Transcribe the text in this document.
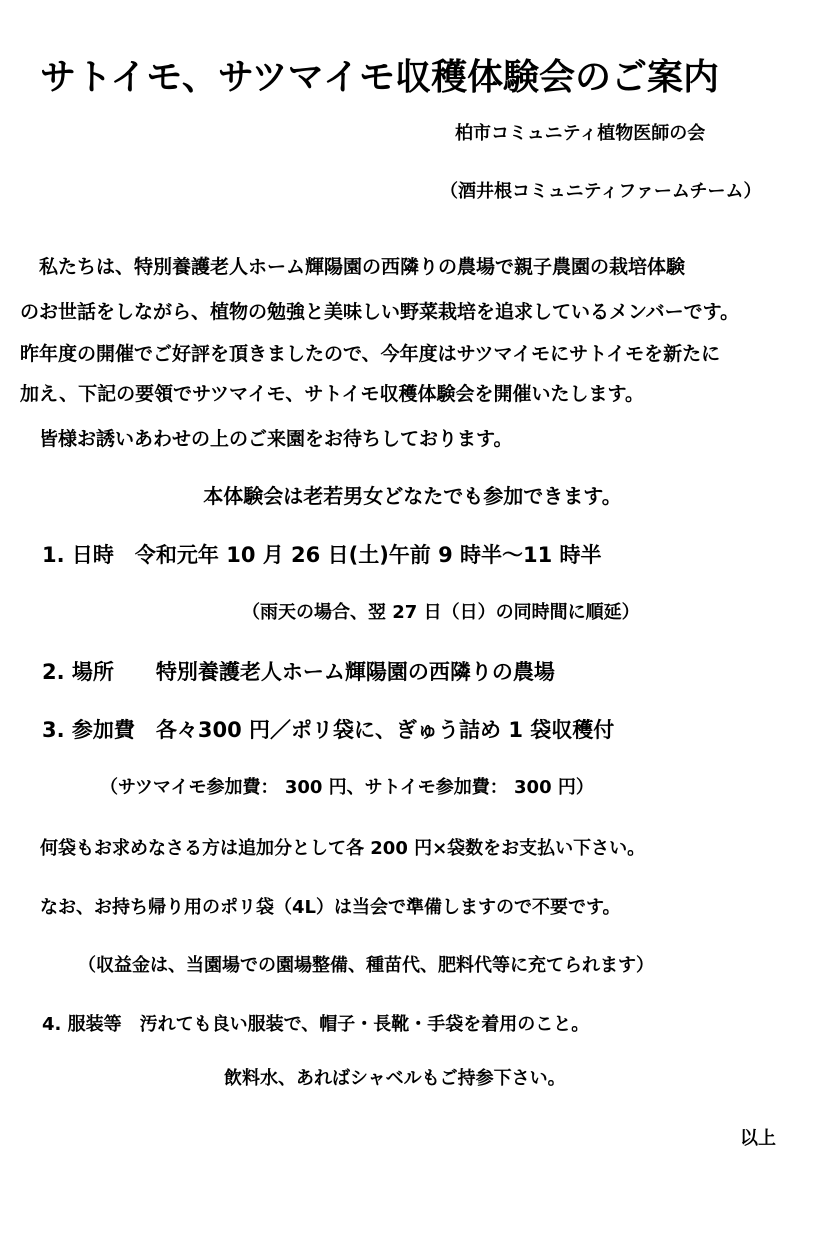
サトイモ、サツマイモ収穫体験会のご案内
柏市コミュニティ植物医師の会
（酒井根コミュニティファームチーム）
　私たちは、特別養護老人ホーム輝陽園の西隣りの農場で親子農園の栽培体験
のお世話をしながら、植物の勉強と美味しい野菜栽培を追求しているメンバーです。
昨年度の開催でご好評を頂きましたので、今年度はサツマイモにサトイモを新たに
加え、下記の要領でサツマイモ、サトイモ収穫体験会を開催いたします。
　皆様お誘いあわせの上のご来園をお待ちしております。
本体験会は老若男女どなたでも参加できます。
1. 日時　令和元年 10 月 26 日(土)午前 9 時半～11 時半
（雨天の場合、翌 27 日（日）の同時間に順延）
2. 場所　　特別養護老人ホーム輝陽園の西隣りの農場
3. 参加費　各々300 円／ポリ袋に、ぎゅう詰め 1 袋収穫付
（サツマイモ参加費： 300 円、サトイモ参加費： 300 円）
何袋もお求めなさる方は追加分として各 200 円×袋数をお支払い下さい。
なお、お持ち帰り用のポリ袋（4L）は当会で準備しますので不要です。
（収益金は、当園場での園場整備、種苗代、肥料代等に充てられます）
4. 服装等　汚れても良い服装で、帽子・長靴・手袋を着用のこと。
飲料水、あればシャベルもご持参下さい。
以上
